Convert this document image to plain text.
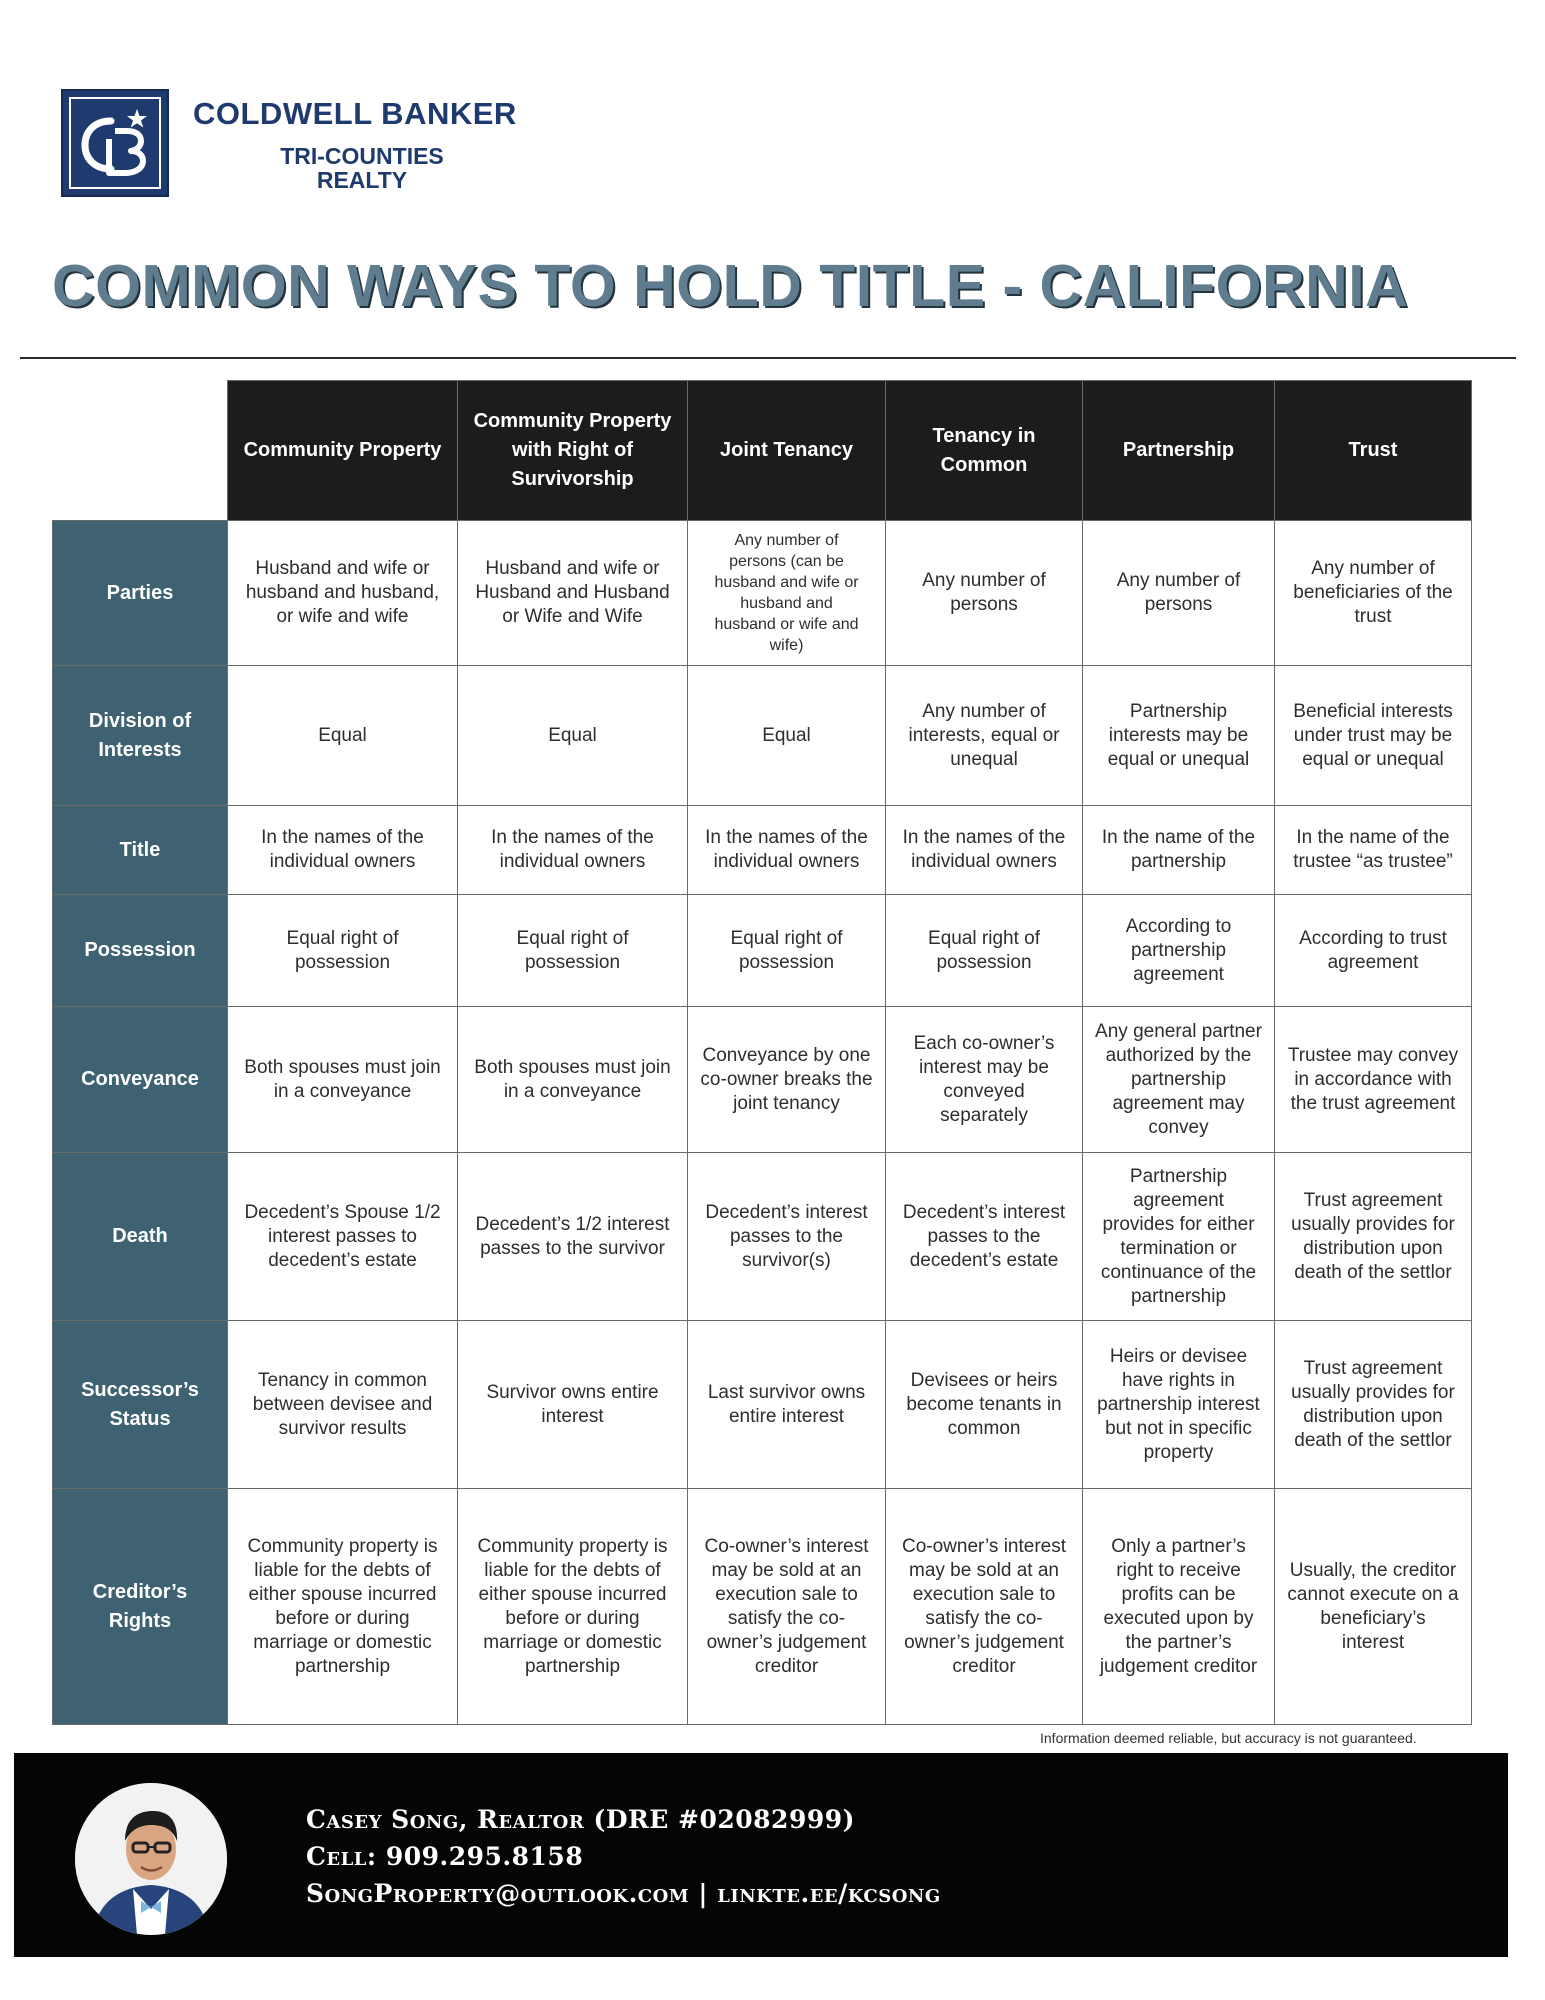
COLDWELL BANKER
TRI-COUNTIES
REALTY
COMMON WAYS TO HOLD TITLE - CALIFORNIA
	Community Property	Community Property with Right of Survivorship	Joint Tenancy	Tenancy in Common	Partnership	Trust
Parties	Husband and wife or husband and husband, or wife and wife	Husband and wife or Husband and Husband or Wife and Wife	Any number of persons (can be husband and wife or husband and husband or wife and wife)	Any number of persons	Any number of persons	Any number of beneficiaries of the trust
Division of Interests	Equal	Equal	Equal	Any number of interests, equal or unequal	Partnership interests may be equal or unequal	Beneficial interests under trust may be equal or unequal
Title	In the names of the individual owners	In the names of the individual owners	In the names of the individual owners	In the names of the individual owners	In the name of the partnership	In the name of the trustee “as trustee”
Possession	Equal right of possession	Equal right of possession	Equal right of possession	Equal right of possession	According to partnership agreement	According to trust agreement
Conveyance	Both spouses must join in a conveyance	Both spouses must join in a conveyance	Conveyance by one co-owner breaks the joint tenancy	Each co-owner’s interest may be conveyed separately	Any general partner authorized by the partnership agreement may convey	Trustee may convey in accordance with the trust agreement
Death	Decedent’s Spouse 1/2 interest passes to decedent’s estate	Decedent’s 1/2 interest passes to the survivor	Decedent’s interest passes to the survivor(s)	Decedent’s interest passes to the decedent’s estate	Partnership agreement provides for either termination or continuance of the partnership	Trust agreement usually provides for distribution upon death of the settlor
Successor’s Status	Tenancy in common between devisee and survivor results	Survivor owns entire interest	Last survivor owns entire interest	Devisees or heirs become tenants in common	Heirs or devisee have rights in partnership interest but not in specific property	Trust agreement usually provides for distribution upon death of the settlor
Creditor’s Rights	Community property is liable for the debts of either spouse incurred before or during marriage or domestic partnership	Community property is liable for the debts of either spouse incurred before or during marriage or domestic partnership	Co-owner’s interest may be sold at an execution sale to satisfy the co-owner’s judgement creditor	Co-owner’s interest may be sold at an execution sale to satisfy the co-owner’s judgement creditor	Only a partner’s right to receive profits can be executed upon by the partner’s judgement creditor	Usually, the creditor cannot execute on a beneficiary’s interest

Information deemed reliable, but accuracy is not guaranteed.

Casey Song, Realtor (DRE #02082999)
Cell: 909.295.8158
SongProperty@outlook.com | linkte.ee/kcsong
